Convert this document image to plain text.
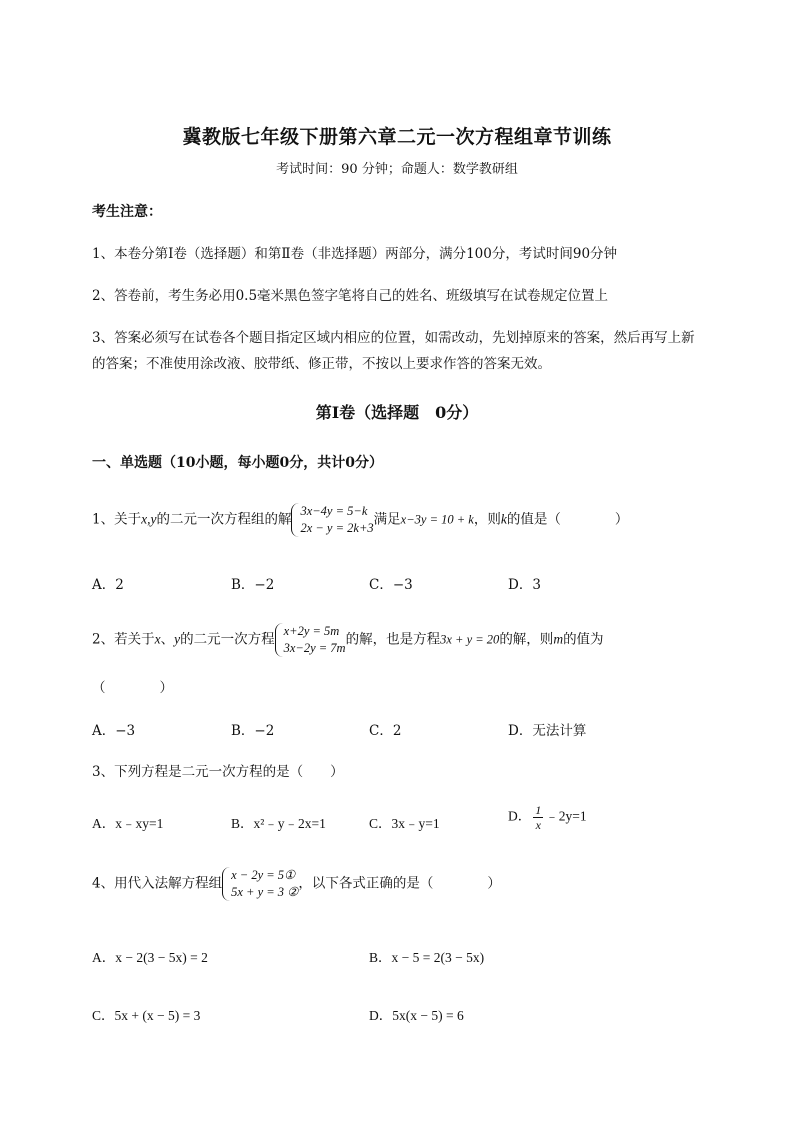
冀教版七年级下册第六章二元一次方程组章节训练
考试时间：90 分钟；命题人：数学教研组
考生注意：
1、本卷分第I卷（选择题）和第Ⅱ卷（非选择题）两部分，满分100分，考试时间90分钟
2、答卷前，考生务必用0.5毫米黑色签字笔将自己的姓名、班级填写在试卷规定位置上
3、答案必须写在试卷各个题目指定区域内相应的位置，如需改动，先划掉原来的答案，然后再写上新
的答案；不准使用涂改液、胶带纸、修正带，不按以上要求作答的答案无效。
第I卷（选择题　0分）
一、单选题（10小题，每小题0分，共计0分）
1、关于x,y的二元一次方程组的解
3x−4y = 5−k
2x − y = 2k+3满足x−3y = 10 + k，则k的值是（　　　　）
A．2	B．−2	C．−3	D．3
2、若关于x、y的二元一次方程
x+2y = 5m
3x−2y = 7m的解，也是方程3x + y = 20的解，则m的值为
（　　　　）
A．−3	B．−2	C．2	D．无法计算
3、下列方程是二元一次方程的是（　　）
A．x﹣xy=1	B．x²﹣y﹣2x=1	C．3x﹣y=1	D． $\frac{1}{x}$ ﹣2y=1
4、用代入法解方程组
x − 2y = 5①
5x + y = 3 ②，以下各式正确的是（　　　　）
A．x − 2(3 − 5x) = 2	B．x − 5 = 2(3 − 5x)
C．5x + (x − 5) = 3	D．5x(x − 5) = 6
